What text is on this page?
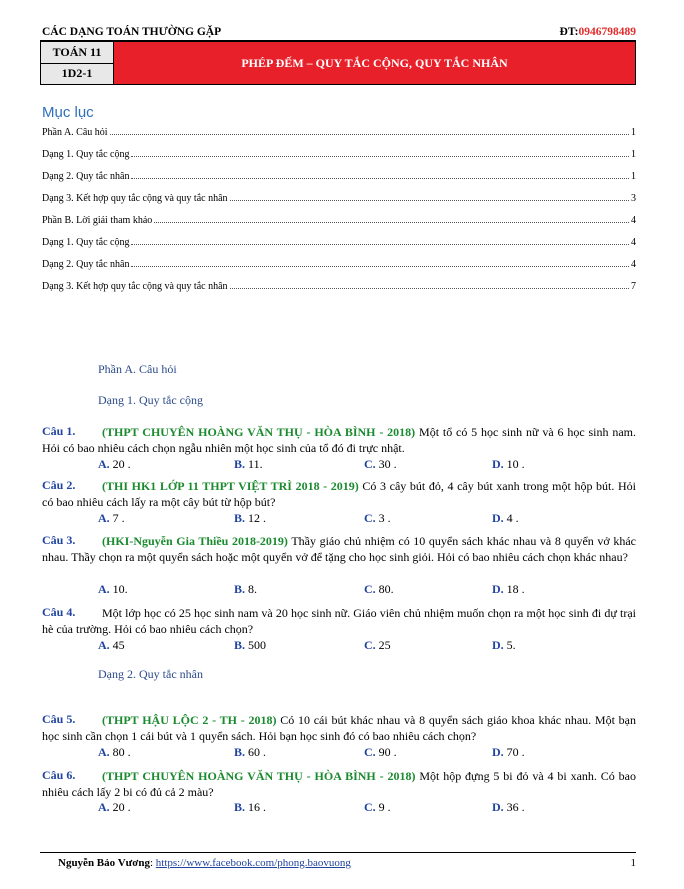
CÁC DẠNG TOÁN THƯỜNG GẶP	ĐT:0946798489
TOÁN 11
1D2-1
PHÉP ĐẾM – QUY TẮC CỘNG, QUY TẮC NHÂN
Mục lục
Phần A. Câu hỏi	1
Dạng 1. Quy tắc cộng	1
Dạng 2. Quy tắc nhân	1
Dạng 3. Kết hợp quy tắc cộng và quy tắc nhân	3
Phần B. Lời giải tham khảo	4
Dạng 1. Quy tắc cộng	4
Dạng 2. Quy tắc nhân	4
Dạng 3. Kết hợp quy tắc cộng và quy tắc nhân	7
Phần A. Câu hỏi
Dạng 1. Quy tắc cộng
(THPT CHUYÊN HOÀNG VĂN THỤ - HÒA BÌNH - 2018) Một tổ có 5 học sinh nữ và 6 học sinh nam. Hỏi có bao nhiêu cách chọn ngẫu nhiên một học sinh của tổ đó đi trực nhật.
Câu 1.
A. 20 .	B. 11.	C. 30 .	D. 10 .
(THI HK1 LỚP 11 THPT VIỆT TRÌ 2018 - 2019) Có 3 cây bút đỏ, 4 cây bút xanh trong một hộp bút. Hỏi có bao nhiêu cách lấy ra một cây bút từ hộp bút?
Câu 2.
A. 7 .	B. 12 .	C. 3 .	D. 4 .
(HKI-Nguyễn Gia Thiều 2018-2019) Thầy giáo chủ nhiệm có 10 quyển sách khác nhau và 8 quyển vở khác nhau. Thầy chọn ra một quyển sách hoặc một quyển vở để tặng cho học sinh giỏi. Hỏi có bao nhiêu cách chọn khác nhau?
Câu 3.
A. 10.	B. 8.	C. 80.	D. 18 .
Một lớp học có 25 học sinh nam và 20 học sinh nữ. Giáo viên chủ nhiệm muốn chọn ra một học sinh đi dự trại hè của trường. Hỏi có bao nhiêu cách chọn?
Câu 4.
A. 45	B. 500	C. 25	D. 5.
Dạng 2. Quy tắc nhân
(THPT HẬU LỘC 2 - TH - 2018) Có 10 cái bút khác nhau và 8 quyển sách giáo khoa khác nhau. Một bạn học sinh cần chọn 1 cái bút và 1 quyển sách. Hỏi bạn học sinh đó có bao nhiêu cách chọn?
Câu 5.
A. 80 .	B. 60 .	C. 90 .	D. 70 .
(THPT CHUYÊN HOÀNG VĂN THỤ - HÒA BÌNH - 2018) Một hộp đựng 5 bi đỏ và 4 bi xanh. Có bao nhiêu cách lấy 2 bi có đủ cả 2 màu?
Câu 6.
A. 20 .	B. 16 .	C. 9 .	D. 36 .
Nguyễn Bảo Vương: https://www.facebook.com/phong.baovuong	1
